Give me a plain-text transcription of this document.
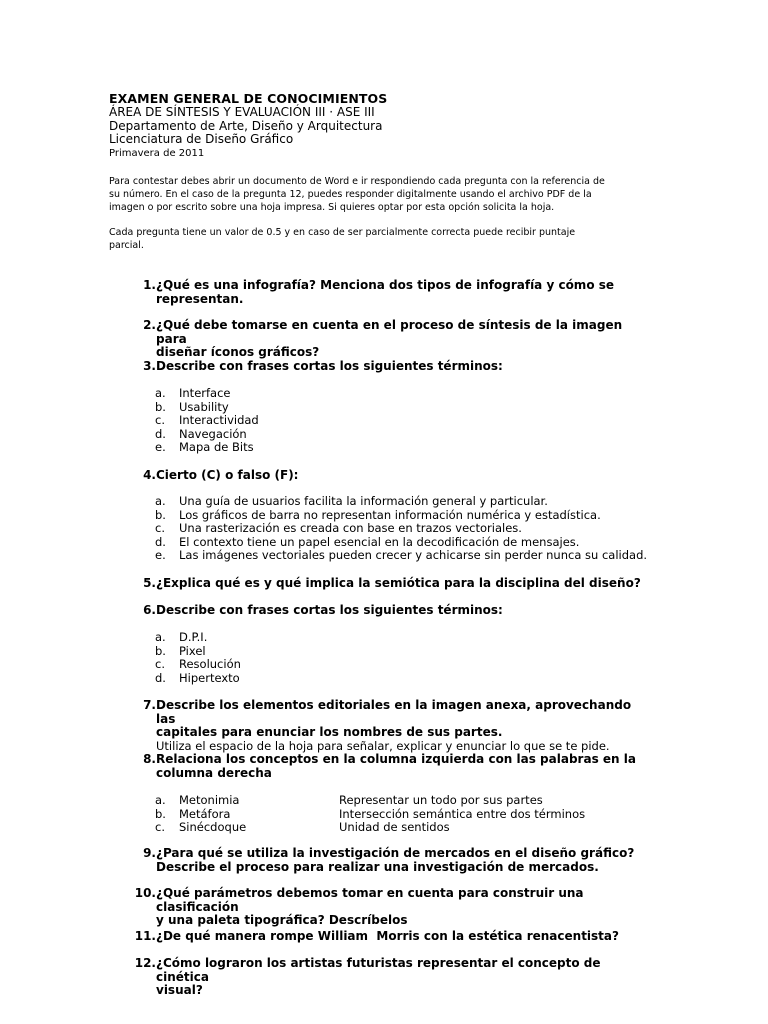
EXAMEN GENERAL DE CONOCIMIENTOS
ÁREA DE SÍNTESIS Y EVALUACIÓN III · ASE III
Departamento de Arte, Diseño y Arquitectura
Licenciatura de Diseño Gráfico
Primavera de 2011
Para contestar debes abrir un documento de Word e ir respondiendo cada pregunta con la referencia de
su número. En el caso de la pregunta 12, puedes responder digitalmente usando el archivo PDF de la
imagen o por escrito sobre una hoja impresa. Si quieres optar por esta opción solicita la hoja.
Cada pregunta tiene un valor de 0.5 y en caso de ser parcialmente correcta puede recibir puntaje
parcial.
1. ¿Qué es una infografía? Menciona dos tipos de infografía y cómo se
representan.
2. ¿Qué debe tomarse en cuenta en el proceso de síntesis de la imagen para
diseñar íconos gráficos?
3. Describe con frases cortas los siguientes términos:
a.	Interface
b.	Usability
c.	Interactividad
d.	Navegación
e.	Mapa de Bits
4. Cierto (C) o falso (F):
a.	Una guía de usuarios facilita la información general y particular.
b.	Los gráficos de barra no representan información numérica y estadística.
c.	Una rasterización es creada con base en trazos vectoriales.
d.	El contexto tiene un papel esencial en la decodificación de mensajes.
e.	Las imágenes vectoriales pueden crecer y achicarse sin perder nunca su calidad.
5. ¿Explica qué es y qué implica la semiótica para la disciplina del diseño?
6. Describe con frases cortas los siguientes términos:
a.	D.P.I.
b.	Pixel
c.	Resolución
d.	Hipertexto
7. Describe los elementos editoriales en la imagen anexa, aprovechando las
capitales para enunciar los nombres de sus partes.
Utiliza el espacio de la hoja para señalar, explicar y enunciar lo que se te pide.
8. Relaciona los conceptos en la columna izquierda con las palabras en la
columna derecha
a.	Metonimia	Representar un todo por sus partes
b.	Metáfora	Intersección semántica entre dos términos
c.	Sinécdoque	Unidad de sentidos
9. ¿Para qué se utiliza la investigación de mercados en el diseño gráfico?
Describe el proceso para realizar una investigación de mercados.
10. ¿Qué parámetros debemos tomar en cuenta para construir una clasificación
y una paleta tipográfica? Descríbelos
11. ¿De qué manera rompe William  Morris con la estética renacentista?
12. ¿Cómo lograron los artistas futuristas representar el concepto de cinética
visual?
